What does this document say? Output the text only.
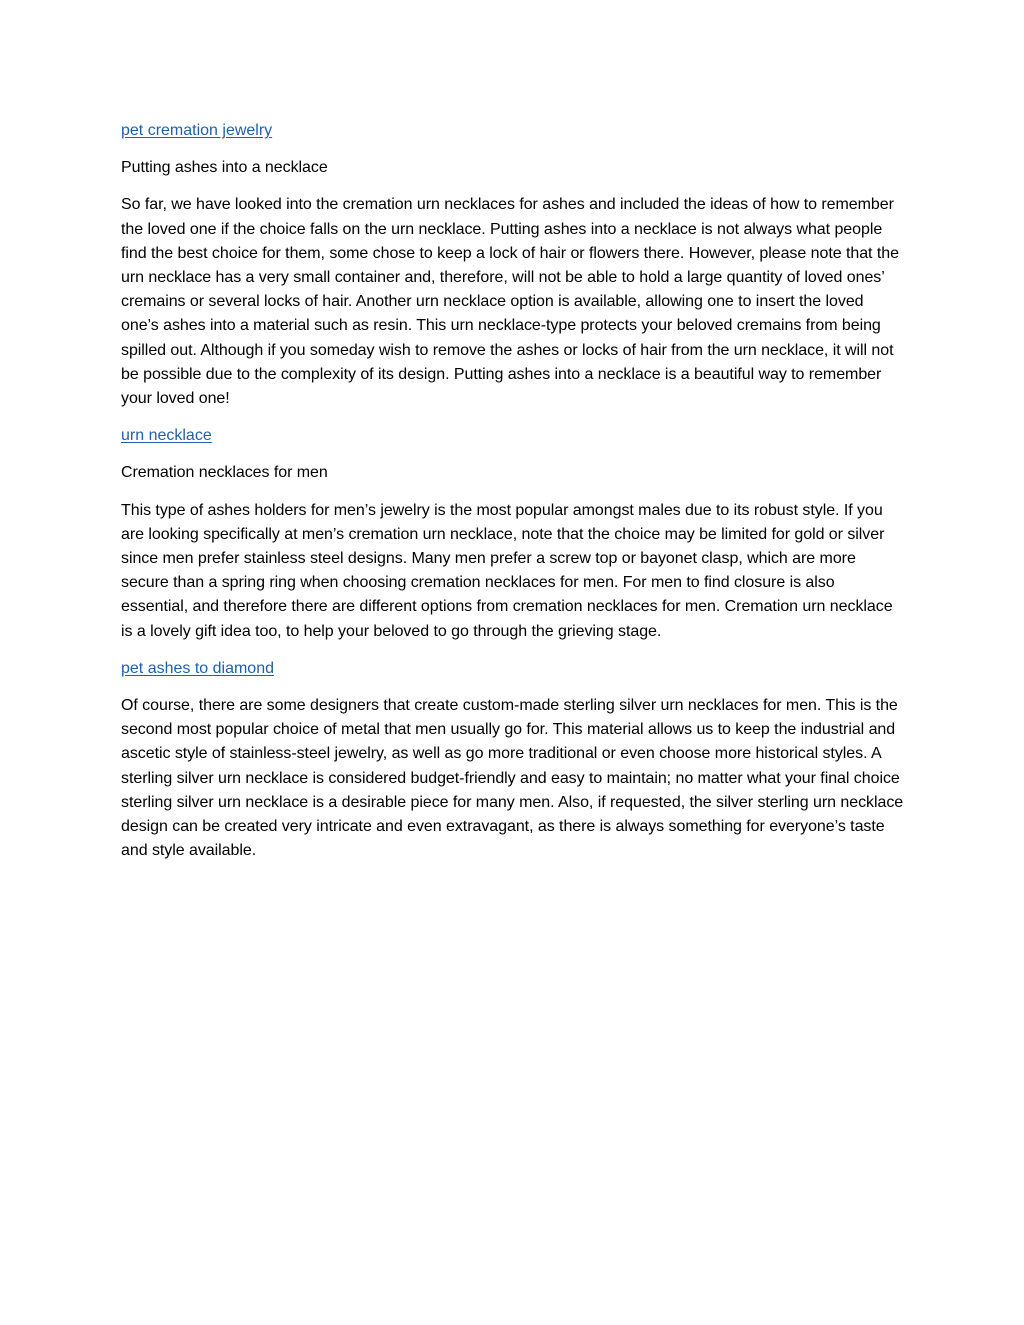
pet cremation jewelry

Putting ashes into a necklace

So far, we have looked into the cremation urn necklaces for ashes and included the ideas of how to remember the loved one if the choice falls on the urn necklace. Putting ashes into a necklace is not always what people find the best choice for them, some chose to keep a lock of hair or flowers there. However, please note that the urn necklace has a very small container and, therefore, will not be able to hold a large quantity of loved ones’ cremains or several locks of hair. Another urn necklace option is available, allowing one to insert the loved one’s ashes into a material such as resin. This urn necklace-type protects your beloved cremains from being spilled out. Although if you someday wish to remove the ashes or locks of hair from the urn necklace, it will not be possible due to the complexity of its design. Putting ashes into a necklace is a beautiful way to remember your loved one!

urn necklace

Cremation necklaces for men

This type of ashes holders for men’s jewelry is the most popular amongst males due to its robust style. If you are looking specifically at men’s cremation urn necklace, note that the choice may be limited for gold or silver since men prefer stainless steel designs. Many men prefer a screw top or bayonet clasp, which are more secure than a spring ring when choosing cremation necklaces for men. For men to find closure is also essential, and therefore there are different options from cremation necklaces for men. Cremation urn necklace is a lovely gift idea too, to help your beloved to go through the grieving stage.

pet ashes to diamond

Of course, there are some designers that create custom-made sterling silver urn necklaces for men. This is the second most popular choice of metal that men usually go for. This material allows us to keep the industrial and ascetic style of stainless-steel jewelry, as well as go more traditional or even choose more historical styles. A sterling silver urn necklace is considered budget-friendly and easy to maintain; no matter what your final choice sterling silver urn necklace is a desirable piece for many men. Also, if requested, the silver sterling urn necklace design can be created very intricate and even extravagant, as there is always something for everyone’s taste and style available.
